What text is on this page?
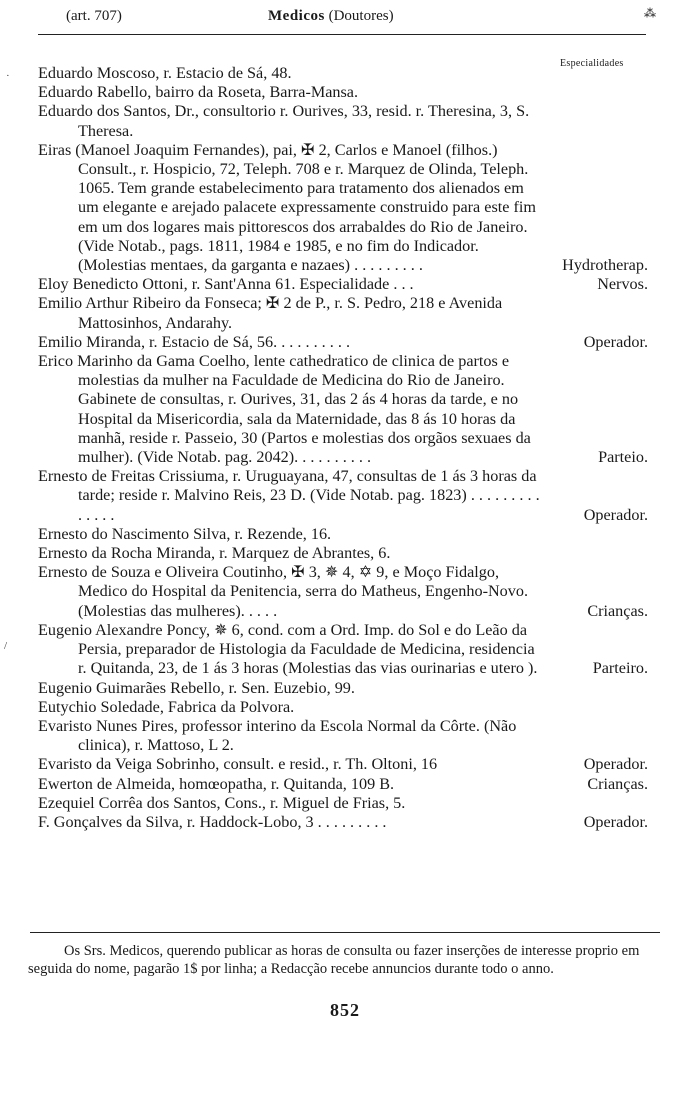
(art. 707)	Medicos (Doutores)	⁂
Especialidades
·
/
Eduardo Moscoso, r. Estacio de Sá, 48.
Eduardo Rabello, bairro da Roseta, Barra-Mansa.
Eduardo dos Santos, Dr., consultorio r. Ourives, 33, resid. r. Theresina, 3, S. Theresa.
Eiras (Manoel Joaquim Fernandes), pai, ✠ 2, Carlos e Manoel (filhos.) Consult., r. Hospicio, 72, Teleph. 708 e r. Marquez de Olinda, Teleph. 1065. Tem grande estabelecimento para tratamento dos alienados em um elegante e arejado palacete expressamente construido para este fim em um dos logares mais pittorescos dos arrabaldes do Rio de Janeiro. (Vide Notab., pags. 1811, 1984 e 1985, e no fim do Indicador. (Molestias mentaes, da garganta e nazaes) . . . . . . . . .	Hydrotherap.
Eloy Benedicto Ottoni, r. Sant'Anna 61. Especialidade . . .	Nervos.
Emilio Arthur Ribeiro da Fonseca; ✠ 2 de P., r. S. Pedro, 218 e Avenida Mattosinhos, Andarahy.
Emilio Miranda, r. Estacio de Sá, 56. . . . . . . . . .	Operador.
Erico Marinho da Gama Coelho, lente cathedratico de clinica de partos e molestias da mulher na Faculdade de Medicina do Rio de Janeiro. Gabinete de consultas, r. Ourives, 31, das 2 ás 4 horas da tarde, e no Hospital da Misericordia, sala da Maternidade, das 8 ás 10 horas da manhã, reside r. Passeio, 30 (Partos e molestias dos orgãos sexuaes da mulher). (Vide Notab. pag. 2042). . . . . . . . . .	Parteio.
Ernesto de Freitas Crissiuma, r. Uruguayana, 47, consultas de 1 ás 3 horas da tarde; reside r. Malvino Reis, 23 D. (Vide Notab. pag. 1823) . . . . . . . . . . . . . .	Operador.
Ernesto do Nascimento Silva, r. Rezende, 16.
Ernesto da Rocha Miranda, r. Marquez de Abrantes, 6.
Ernesto de Souza e Oliveira Coutinho, ✠ 3, ✵ 4, ✡ 9, e Moço Fidalgo, Medico do Hospital da Penitencia, serra do Matheus, Engenho-Novo. (Molestias das mulheres). . . . .	Crianças.
Eugenio Alexandre Poncy, ✵ 6, cond. com a Ord. Imp. do Sol e do Leão da Persia, preparador de Histologia da Faculdade de Medicina, residencia r. Quitanda, 23, de 1 ás 3 horas (Molestias das vias ourinarias e utero ).	Parteiro.
Eugenio Guimarães Rebello, r. Sen. Euzebio, 99.
Eutychio Soledade, Fabrica da Polvora.
Evaristo Nunes Pires, professor interino da Escola Normal da Côrte. (Não clinica), r. Mattoso, L 2.
Evaristo da Veiga Sobrinho, consult. e resid., r. Th. Oltoni, 16	Operador.
Ewerton de Almeida, homœopatha, r. Quitanda, 109 B.	Crianças.
Ezequiel Corrêa dos Santos, Cons., r. Miguel de Frias, 5.
F. Gonçalves da Silva, r. Haddock-Lobo, 3 . . . . . . . . .	Operador.
Os Srs. Medicos, querendo publicar as horas de consulta ou fazer inserções de interesse proprio em seguida do nome, pagarão 1$ por linha; a Redacção recebe annuncios durante todo o anno.
852
